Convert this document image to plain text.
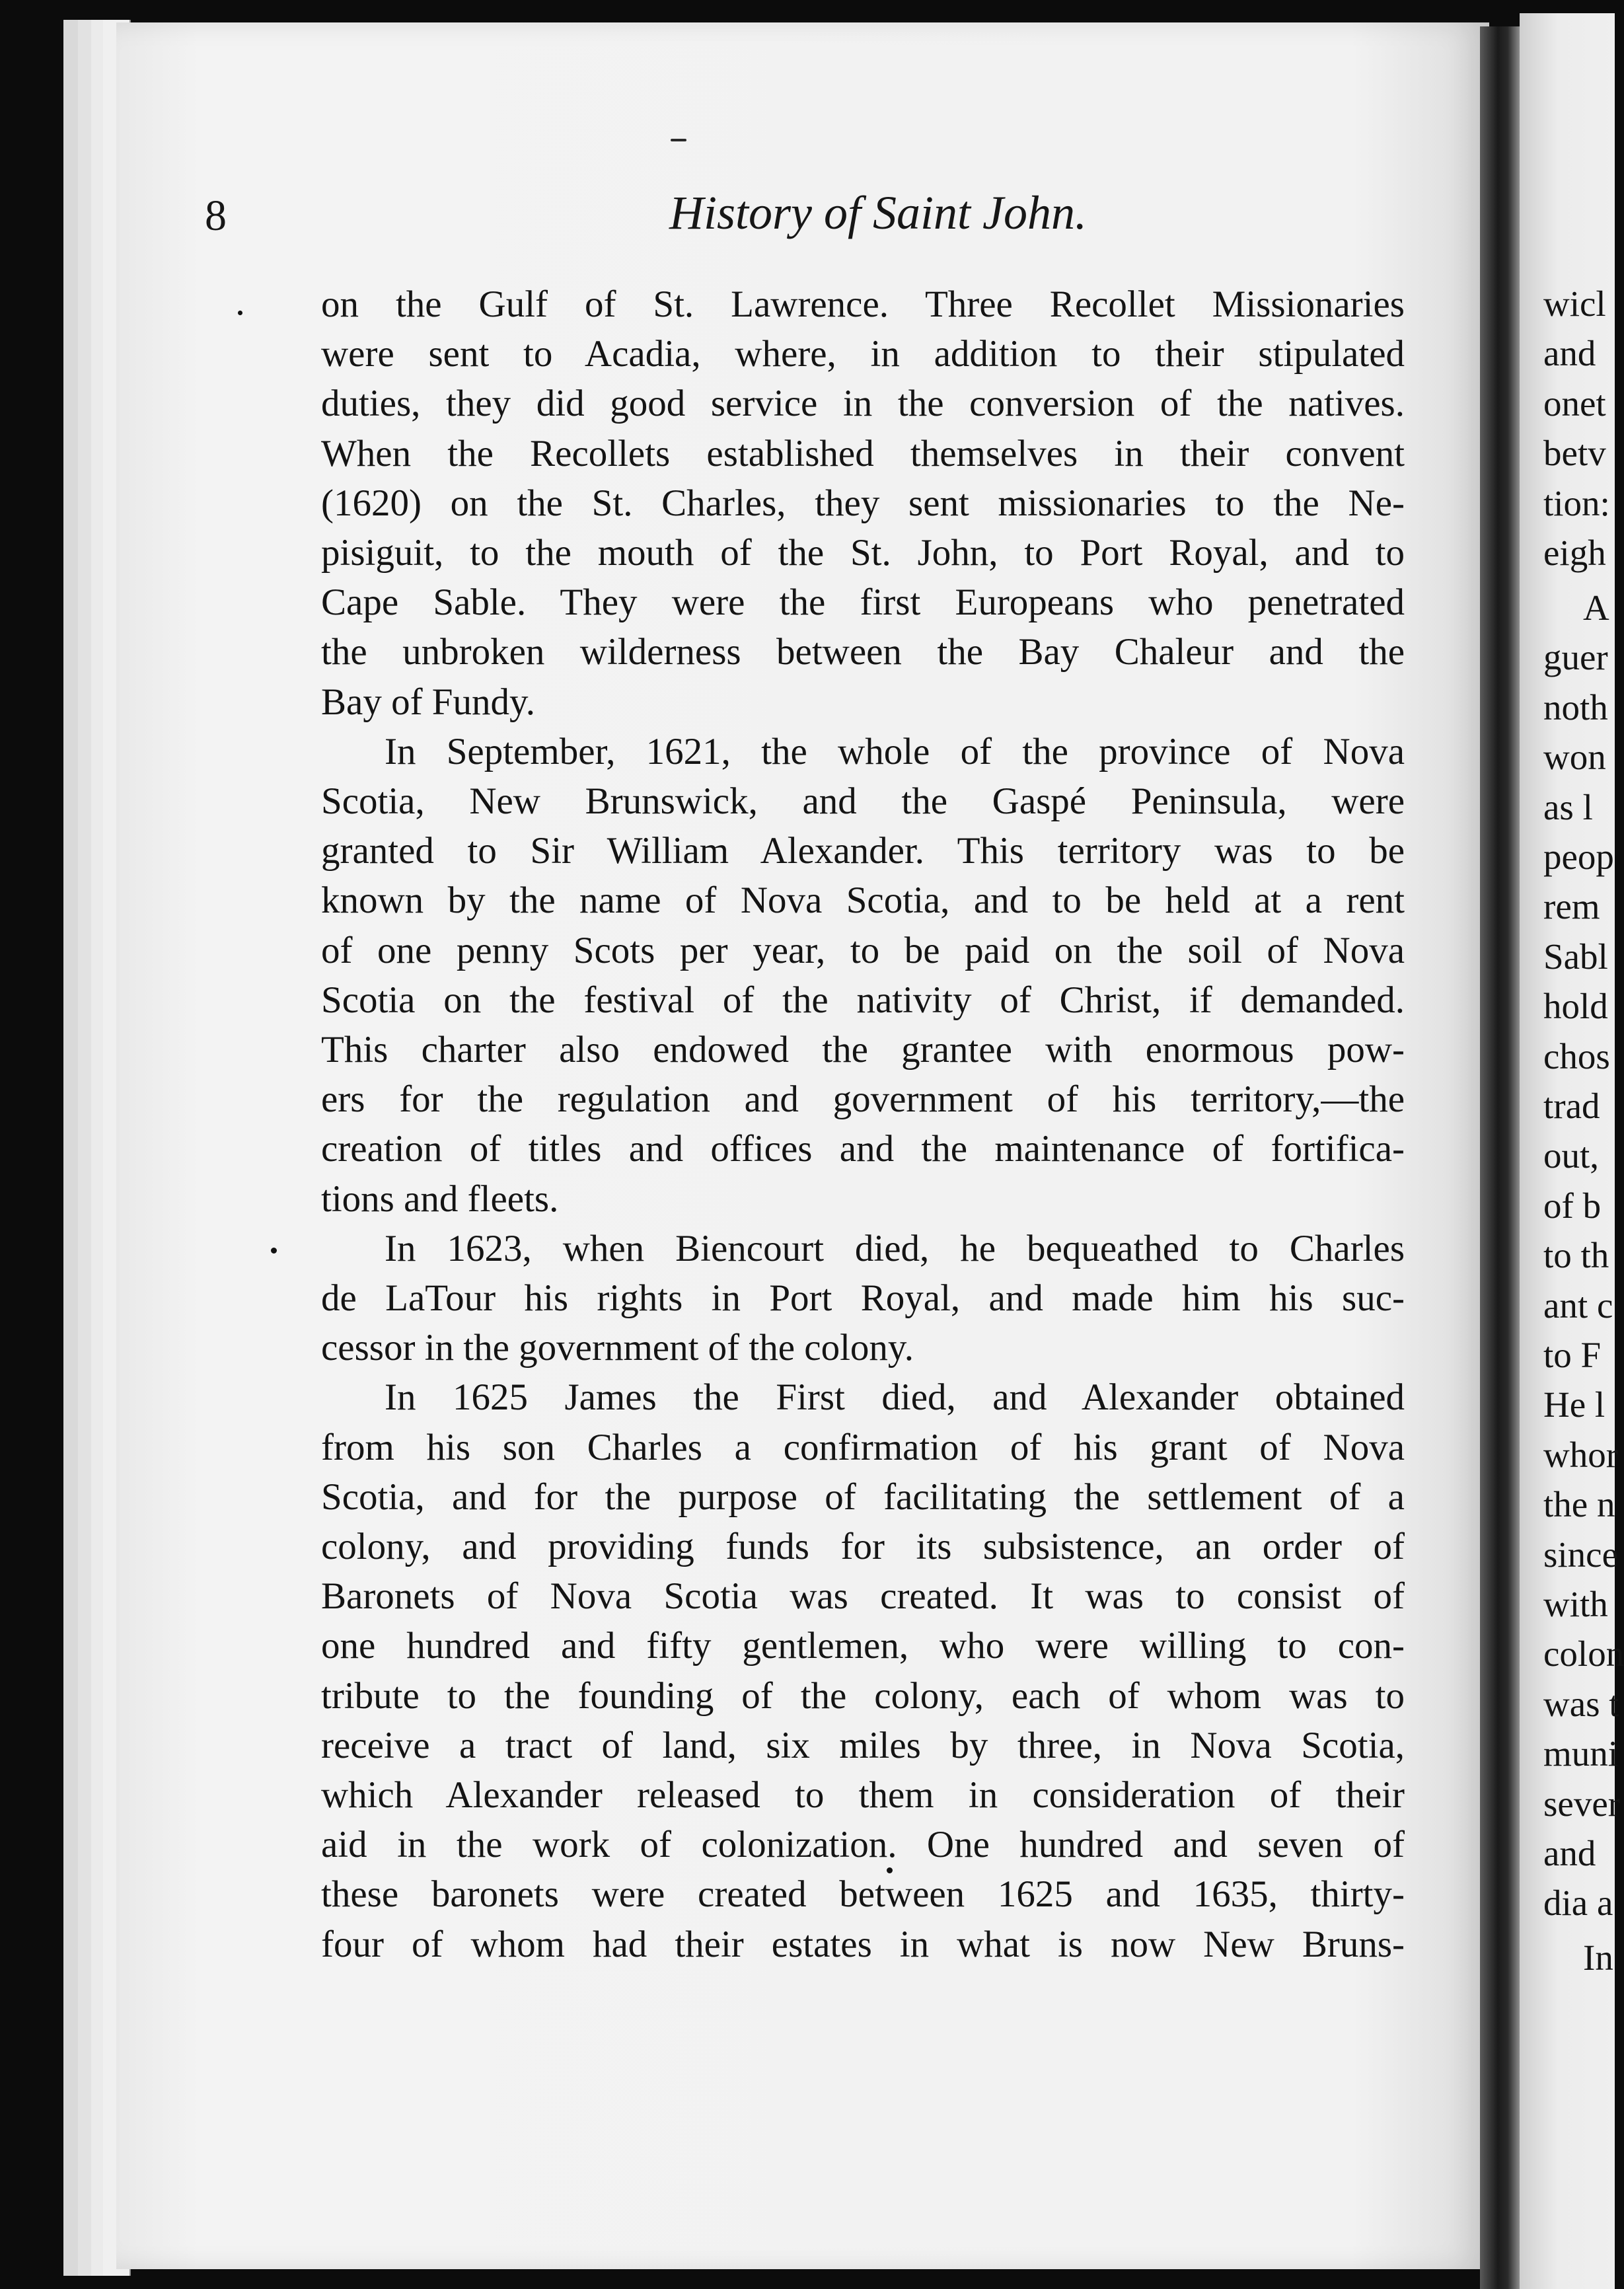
8	History of Saint John.
on the Gulf of St. Lawrence. Three Recollet Missionaries
were sent to Acadia, where, in addition to their stipulated
duties, they did good service in the conversion of the natives.
When the Recollets established themselves in their convent
(1620) on the St. Charles, they sent missionaries to the Ne-
pisiguit, to the mouth of the St. John, to Port Royal, and to
Cape Sable. They were the first Europeans who penetrated
the unbroken wilderness between the Bay Chaleur and the
Bay of Fundy.
In September, 1621, the whole of the province of Nova
Scotia, New Brunswick, and the Gaspé Peninsula, were
granted to Sir William Alexander. This territory was to be
known by the name of Nova Scotia, and to be held at a rent
of one penny Scots per year, to be paid on the soil of Nova
Scotia on the festival of the nativity of Christ, if demanded.
This charter also endowed the grantee with enormous pow-
ers for the regulation and government of his territory,—the
creation of titles and offices and the maintenance of fortifica-
tions and fleets.
In 1623, when Biencourt died, he bequeathed to Charles
de LaTour his rights in Port Royal, and made him his suc-
cessor in the government of the colony.
In 1625 James the First died, and Alexander obtained
from his son Charles a confirmation of his grant of Nova
Scotia, and for the purpose of facilitating the settlement of a
colony, and providing funds for its subsistence, an order of
Baronets of Nova Scotia was created. It was to consist of
one hundred and fifty gentlemen, who were willing to con-
tribute to the founding of the colony, each of whom was to
receive a tract of land, six miles by three, in Nova Scotia,
which Alexander released to them in consideration of their
aid in the work of colonization. One hundred and seven of
these baronets were created between 1625 and 1635, thirty-
four of whom had their estates in what is now New Bruns-
wicl
and
onet
betv
tion:
eigh
A
guer
noth
won
as l
peop
rem
Sabl
hold
chos
trad
out,
of b
to th
ant c
to F
He l
whor
the n
since
with
colon
was t
muni
sever
and
dia a
In
